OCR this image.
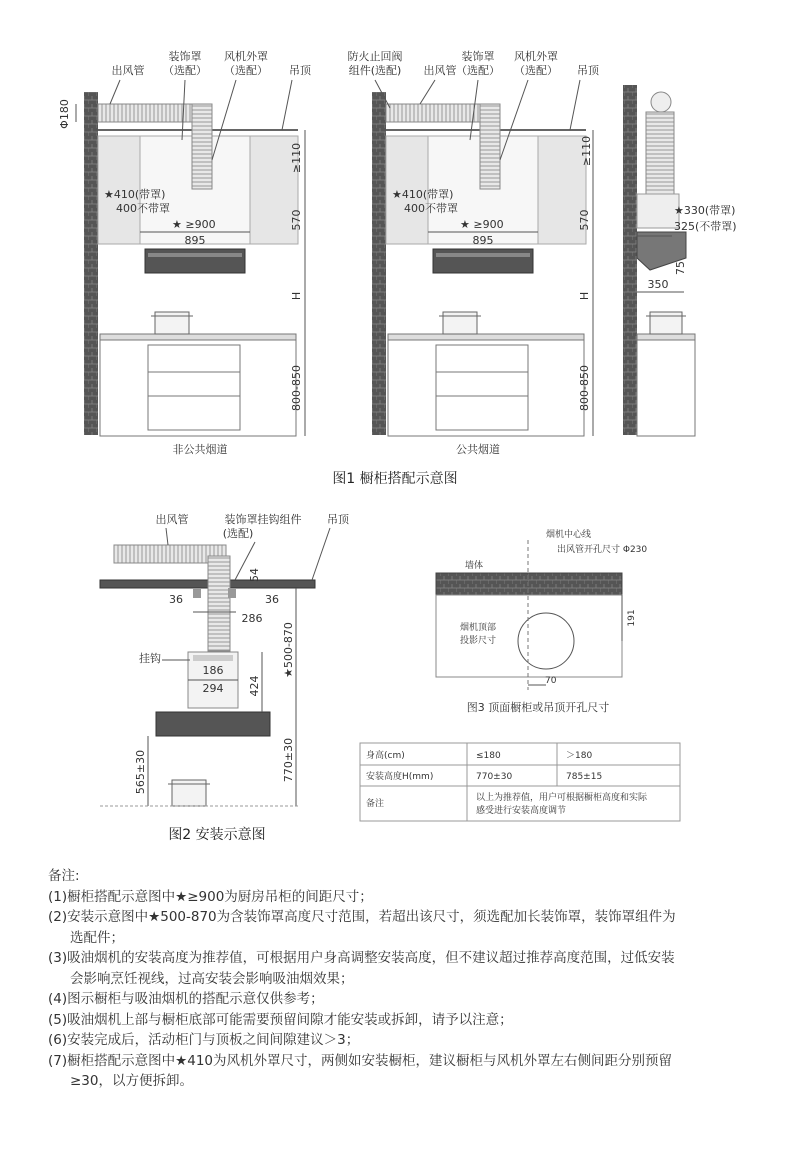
Φ180
出风管
装饰罩
（选配）
风机外罩
（选配） 吊顶
≥110
570
H
800-850
★410(带罩)
400不带罩
★ ≥900
895
非公共烟道
防火止回阀
组件(选配) 出风管
装饰罩
（选配）
风机外罩
（选配） 吊顶
≥110
570
H
800-850
★410(带罩)
400不带罩
★ ≥900
895
公共烟道
★330(带罩)
325(不带罩)
75
350
图1 橱柜搭配示意图
出风管	装饰罩挂钩组件
(选配)
吊顶
挂钩
54
36	36
286
★500-870
186
294 424
770±30
565±30
图2 安装示意图
烟机中心线
出风管开孔尺寸 Φ230
墙体
烟机顶部
投影尺寸
191
70
图3 顶面橱柜或吊顶开孔尺寸
身高(cm)	≤180	＞180
安装高度H(mm)	770±30	785±15
备注
以上为推荐值，用户可根据橱柜高度和实际
感受进行安装高度调节

备注:

(1)橱柜搭配示意图中★≥900为厨房吊柜的间距尺寸；

(2)安装示意图中★500-870为含装饰罩高度尺寸范围，若超出该尺寸，须选配加长装饰罩，装饰罩组件为

选配件；

(3)吸油烟机的安装高度为推荐值，可根据用户身高调整安装高度，但不建议超过推荐高度范围，过低安装

会影响烹饪视线，过高安装会影响吸油烟效果；

(4)图示橱柜与吸油烟机的搭配示意仅供参考；

(5)吸油烟机上部与橱柜底部可能需要预留间隙才能安装或拆卸，请予以注意；

(6)安装完成后，活动柜门与顶板之间间隙建议＞3；

(7)橱柜搭配示意图中★410为风机外罩尺寸，两侧如安装橱柜，建议橱柜与风机外罩左右侧间距分别预留

≥30，以方便拆卸。
